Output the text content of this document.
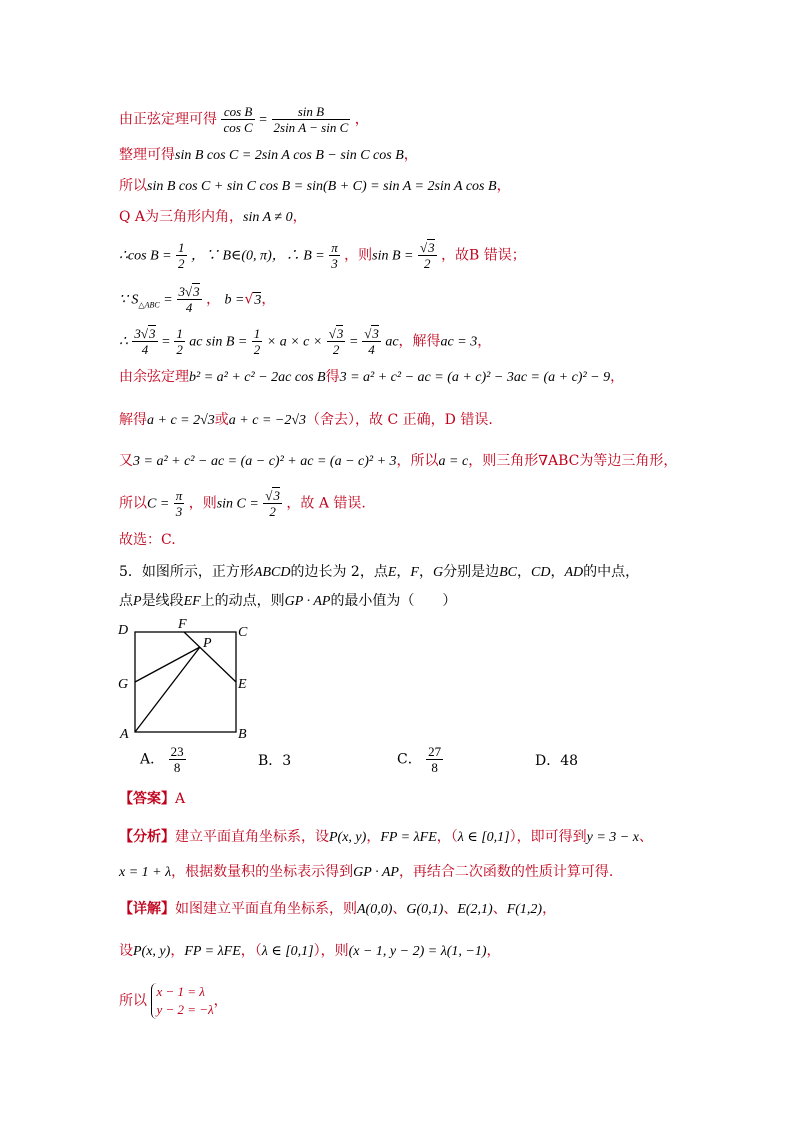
由正弦定理可得 $\frac{\text{cos B}}{\text{cos C}} = \frac{\text{sin B}}{\text{2sin A − sin C}}$ ，
整理可得sin B cos C = 2sin A cos B − sin C cos B，
所以sin B cos C + sin C cos B = sin(B + C) = sin A = 2sin A cos B，
Q A为三角形内角，sin A ≠ 0，
∴cos $B = \frac{1}{2}$ ，∵ B∈(0, π)，∴ $B = \frac{\pi}{3}$ ，则$\sin B = \frac{√3}{2}$ ，故B 错误；
∵ $S_{\triangle ABC} = \frac{3√3}{4}$ ， b =√3，
∴ $\frac{3√3}{4} = \frac{1}{2}$ ac $\sin B = \frac{1}{2} \times a \times c \times \frac{√3}{2} = \frac{√3}{4}$ ac，解得ac = 3，
由余弦定理b² = a² + c² − 2ac cos B得3 = a² + c² − ac = (a + c)² − 3ac = (a + c)² − 9，
解得a + c = 2√3或a + c = −2√3（舍去），故 C 正确，D 错误.
又3 = a² + c² − ac = (a − c)² + ac = (a − c)² + 3，所以a = c，则三角形∇ABC为等边三角形，
所以$C = \frac{\pi}{3}$ ，则$\sin C = \frac{√3}{2}$ ，故 A 错误.
故选：C.
5．如图所示，正方形ABCD的边长为 2，点E，F，G分别是边BC，CD，AD的中点，
点P是线段EF上的动点，则GP · AP的最小值为（　　）
D	F
C
P
G	E
A	B
A． $\frac{23}{8}$	B．3	C． $\frac{27}{8}$	D．48
【答案】A
【分析】建立平面直角坐标系，设P(x, y)，FP = λFE，（λ ∈ [0,1]），即可得到y = 3 − x、
x = 1 + λ，根据数量积的坐标表示得到GP · AP，再结合二次函数的性质计算可得.
【详解】如图建立平面直角坐标系，则A(0,0)、G(0,1)、E(2,1)、F(1,2)，
设P(x, y)，FP = λFE，（λ ∈ [0,1]），则(x − 1, y − 2) = λ(1, −1)，
所以
x − 1 = λ
y − 2 = −λ
，
